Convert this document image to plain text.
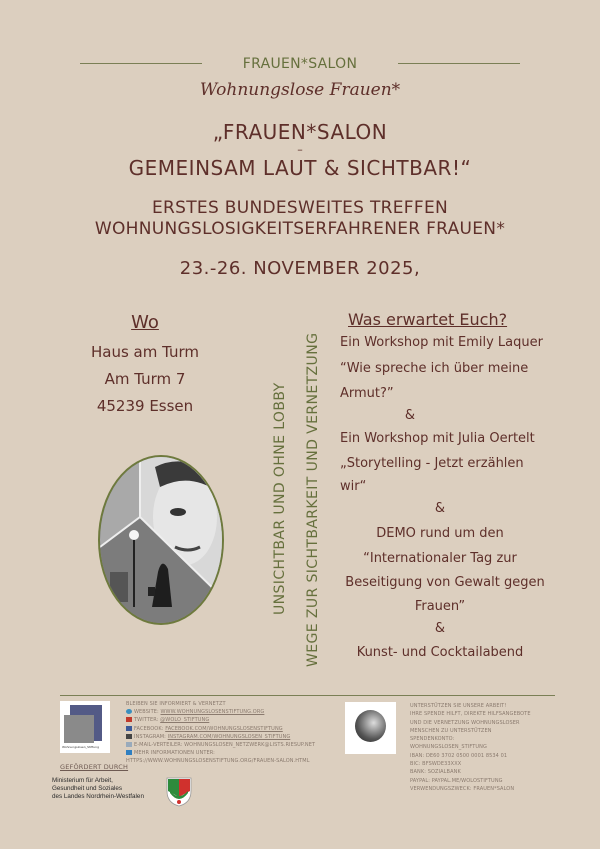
FRAUEN*SALON
Wohnungslose Frauen*
„FRAUEN*SALON
–
GEMEINSAM LAUT & SICHTBAR!“
ERSTES BUNDESWEITES TREFFEN
WOHNUNGSLOSIGKEITSERFAHRENER FRAUEN*
23.-26. NOVEMBER 2025,
Wo
Haus am Turm
Am Turm 7
45239 Essen	UNSICHTBAR UND OHNE LOBBY WEGE ZUR SICHTBARKEIT UND VERNETZUNG
Was erwartet Euch?
Ein Workshop mit Emily Laquer
“Wie spreche ich über meine
Armut?”
&
Ein Workshop mit Julia Oertelt
„Storytelling - Jetzt erzählen
wir“
&
DEMO rund um den
“Internationaler Tag zur
Beseitigung von Gewalt gegen
Frauen”
&
Kunst- und Cocktailabend
Wohnungslosen_Stiftung
BLEIBEN SIE INFORMIERT & VERNETZT
WEBSITE: WWW.WOHNUNGSLOSENSTIFTUNG.ORG
TWITTER: @WOLO_STIFTUNG
FACEBOOK: FACEBOOK.COM/WOHNUNGSLOSENSTIFTUNG
INSTAGRAM: INSTAGRAM.COM/WOHNUNGSLOSEN_STIFTUNG
E-MAIL-VERTEILER: WOHNUNGSLOSEN_NETZWERK@LISTS.RIESUP.NET
MEHR INFORMATIONEN UNTER:
HTTPS://WWW.WOHNUNGSLOSENSTIFTUNG.ORG/FRAUEN-SALON.HTML
GEFÖRDERT DURCH
Ministerium für Arbeit,
Gesundheit und Soziales
des Landes Nordrhein-Westfalen
UNTERSTÜTZEN SIE UNSERE ARBEIT!
IHRE SPENDE HILFT, DIREKTE HILFSANGEBOTE
UND DIE VERNETZUNG WOHNUNGSLOSER
MENSCHEN ZU UNTERSTÜTZEN
SPENDENKONTO:
WOHNUNGSLOSEN_STIFTUNG
IBAN: DE60 3702 0500 0001 8534 01
BIC: BFSWDE33XXX
BANK: SOZIALBANK
PAYPAL: PAYPAL.ME/WOLOSTIFTUNG
VERWENDUNGSZWECK: FRAUEN*SALON
